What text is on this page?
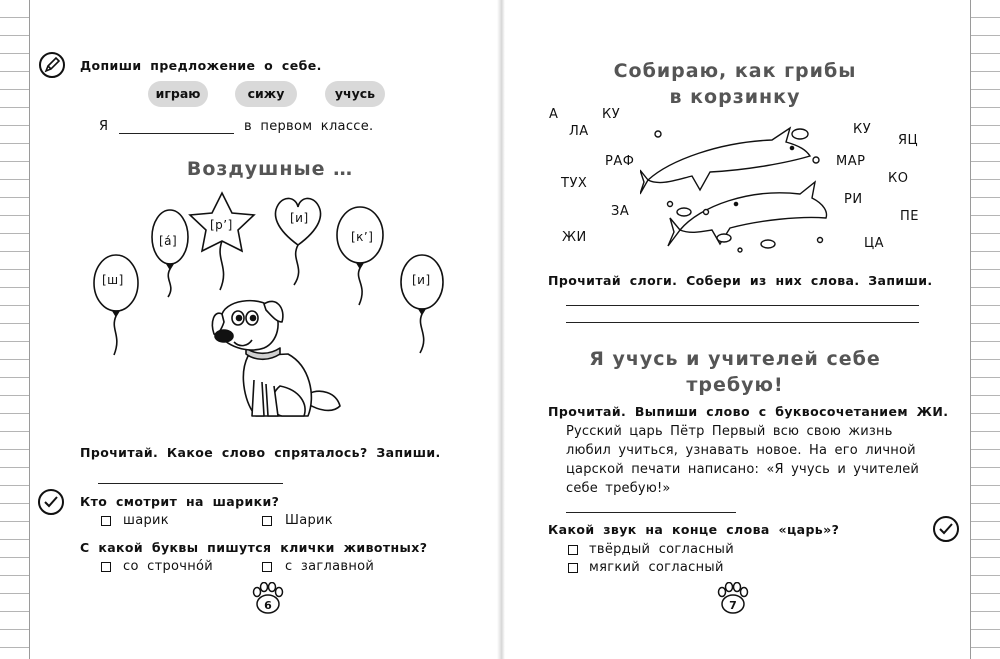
Допиши предложение о себе.
играю	сижу	учусь
Я	в первом классе.
Воздушные …
[ш]
[а́]
[р’]	[и]
[к’]
[и]
Прочитай. Какое слово спряталось? Запиши.
Кто смотрит на шарики?
шарик	Шарик
С какой буквы пишутся клички животных?
со строчно́й	с заглавной
6
Собираю, как грибы
в корзинку
А	КУ
ЛА
РАФ
ТУХ
ЗА
ЖИ
КУ
ЯЦ
МАР
КО
РИ
ПЕ
ЦА
Прочитай слоги. Собери из них слова. Запиши.
Я учусь и учителей себе
требую!
Прочитай. Выпиши слово с буквосочетанием ЖИ.
Русский царь Пётр Первый всю свою жизнь
любил учиться, узнавать новое. На его личной
царской печати написано: «Я учусь и учителей
себе требую!»
Какой звук на конце слова «царь»?
твёрдый согласный
мягкий согласный
7
